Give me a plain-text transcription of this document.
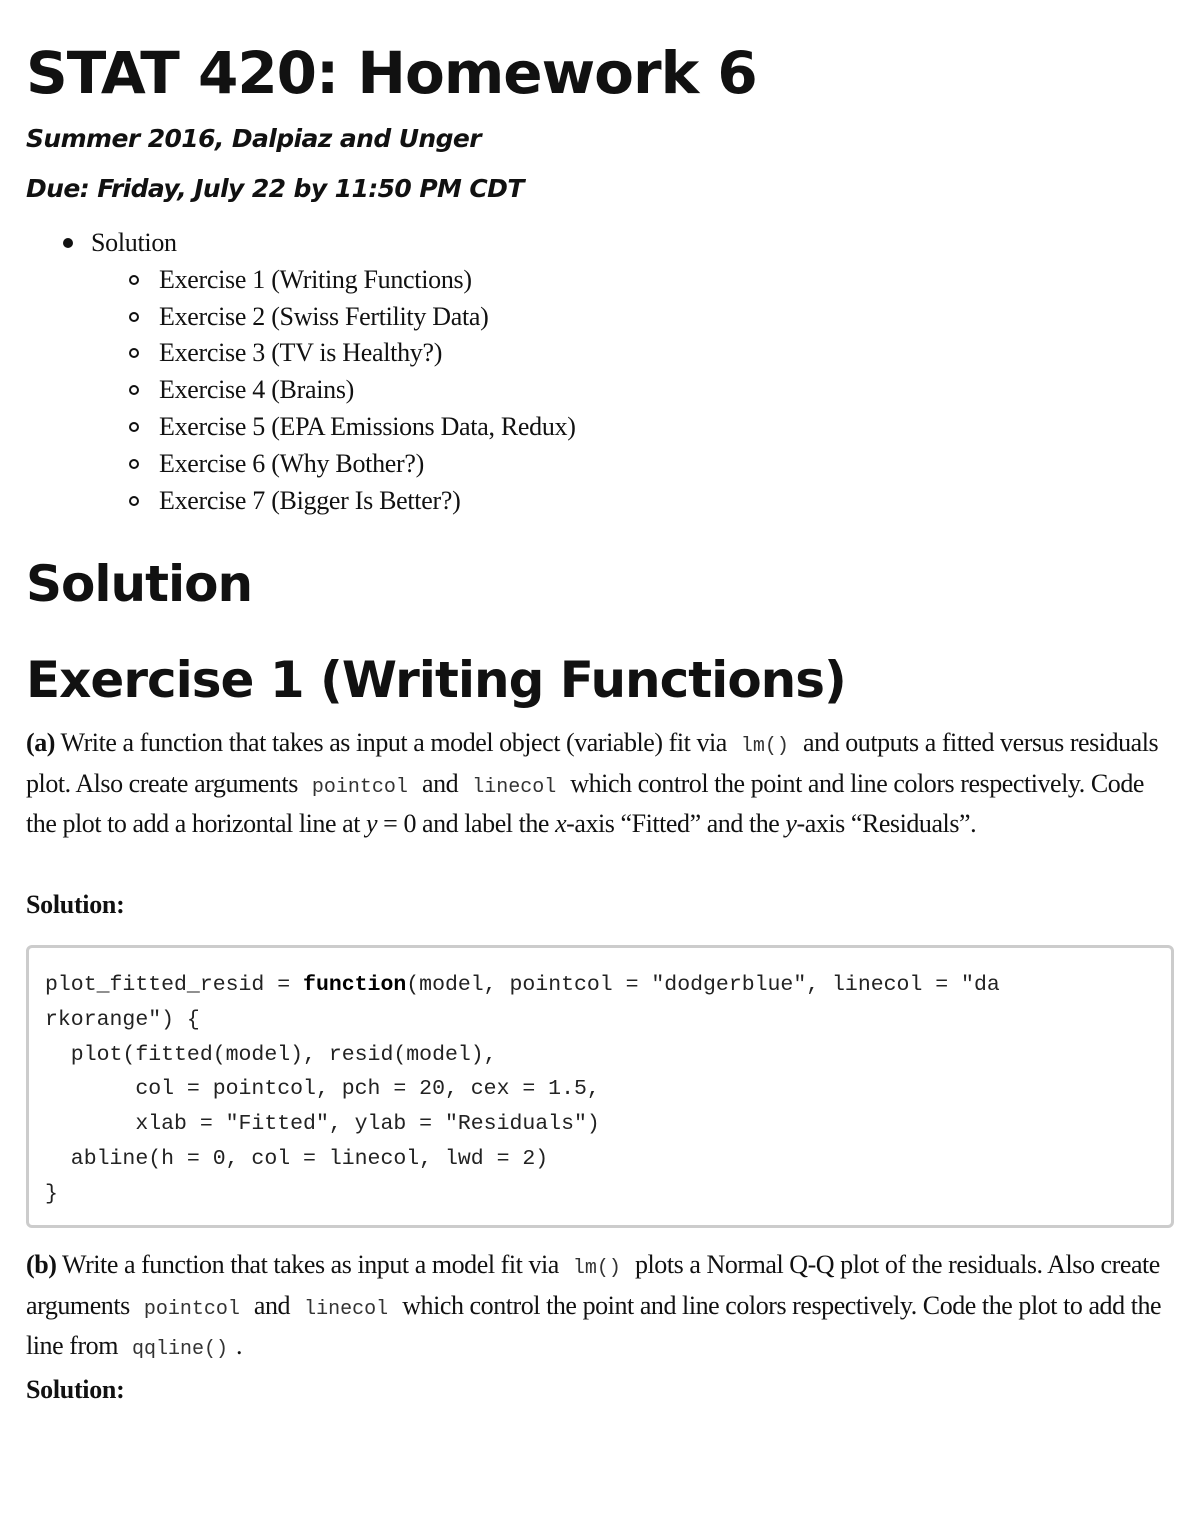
STAT 420: Homework 6
Summer 2016, Dalpiaz and Unger
Due: Friday, July 22 by 11:50 PM CDT
Solution
Exercise 1 (Writing Functions)
Exercise 2 (Swiss Fertility Data)
Exercise 3 (TV is Healthy?)
Exercise 4 (Brains)
Exercise 5 (EPA Emissions Data, Redux)
Exercise 6 (Why Bother?)
Exercise 7 (Bigger Is Better?)
Solution
Exercise 1 (Writing Functions)

(a) Write a function that takes as input a model object (variable) fit via lm() and outputs a fitted versus residuals plot. Also create arguments pointcol and linecol which control the point and line colors respectively. Code the plot to add a horizontal line at y = 0 and label the x-axis “Fitted” and the y-axis “Residuals”.

Solution:
plot_fitted_resid = function(model, pointcol = "dodgerblue", linecol = "da
rkorange") {
plot(fitted(model), resid(model),
col = pointcol, pch = 20, cex = 1.5,
xlab = "Fitted", ylab = "Residuals")
abline(h = 0, col = linecol, lwd = 2)
}

(b) Write a function that takes as input a model fit via lm() plots a Normal Q-Q plot of the residuals. Also create arguments pointcol and linecol which control the point and line colors respectively. Code the plot to add the line from qqline() .

Solution:
